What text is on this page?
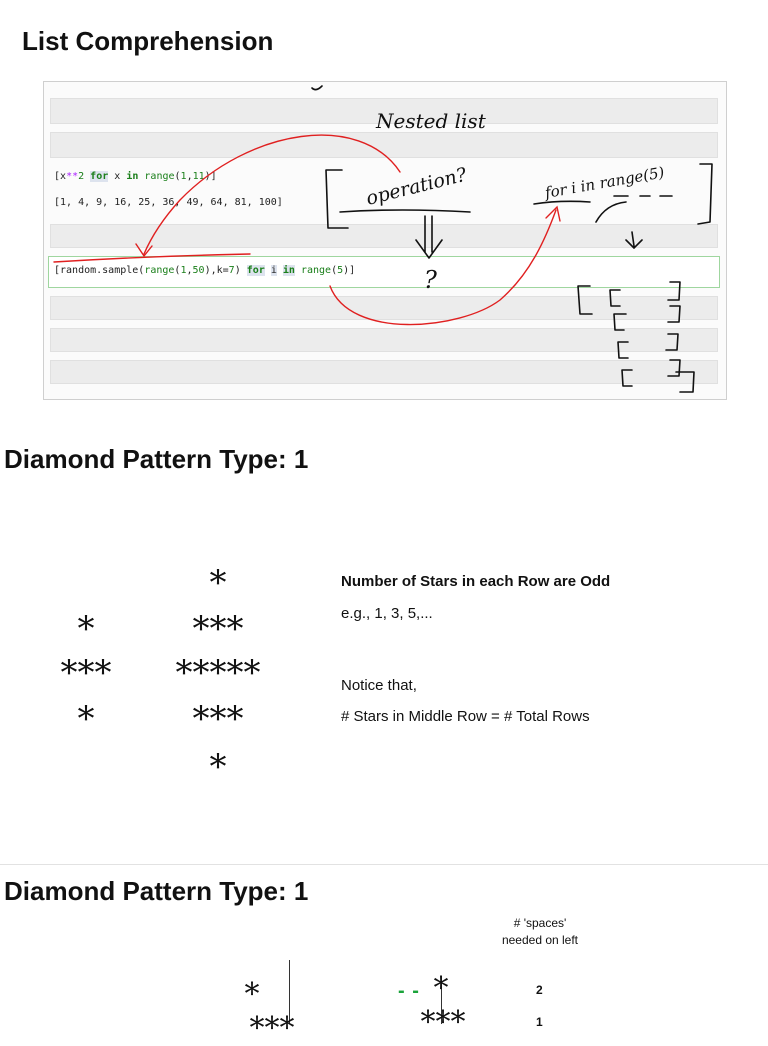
List Comprehension
[x**2 for x in range(1,11)]
[1, 4, 9, 16, 25, 36, 49, 64, 81, 100]
[random.sample(range(1,50),k=7) for i in range(5)]
Nested list
operation?	for i in range(5)
?
Diamond Pattern Type: 1
*
***
*
*
***
*****
***
*
Number of Stars in each Row are Odd
e.g., 1, 3, 5,...
Notice that,
# Stars in Middle Row = # Total Rows
Diamond Pattern Type: 1
# 'spaces'
needed on left
*
***
- - *
***
2
1
